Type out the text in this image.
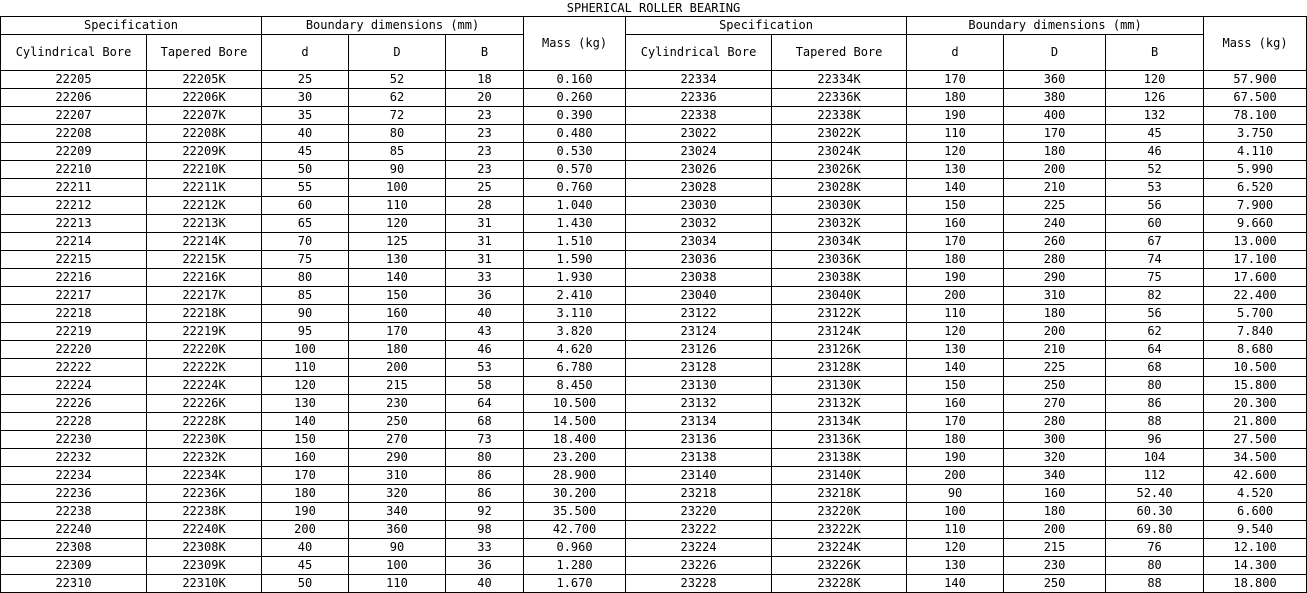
SPHERICAL ROLLER BEARING
Specification		Boundary dimensions (mm)			Mass (kg)	Specification		Boundary dimensions (mm)			Mass (kg)
Cylindrical Bore	Tapered Bore	d	D	B		Cylindrical Bore	Tapered Bore	d	D	B	
22205	22205K	25	52	18	0.160	22334	22334K	170	360	120	57.900
22206	22206K	30	62	20	0.260	22336	22336K	180	380	126	67.500
22207	22207K	35	72	23	0.390	22338	22338K	190	400	132	78.100
22208	22208K	40	80	23	0.480	23022	23022K	110	170	45	3.750
22209	22209K	45	85	23	0.530	23024	23024K	120	180	46	4.110
22210	22210K	50	90	23	0.570	23026	23026K	130	200	52	5.990
22211	22211K	55	100	25	0.760	23028	23028K	140	210	53	6.520
22212	22212K	60	110	28	1.040	23030	23030K	150	225	56	7.900
22213	22213K	65	120	31	1.430	23032	23032K	160	240	60	9.660
22214	22214K	70	125	31	1.510	23034	23034K	170	260	67	13.000
22215	22215K	75	130	31	1.590	23036	23036K	180	280	74	17.100
22216	22216K	80	140	33	1.930	23038	23038K	190	290	75	17.600
22217	22217K	85	150	36	2.410	23040	23040K	200	310	82	22.400
22218	22218K	90	160	40	3.110	23122	23122K	110	180	56	5.700
22219	22219K	95	170	43	3.820	23124	23124K	120	200	62	7.840
22220	22220K	100	180	46	4.620	23126	23126K	130	210	64	8.680
22222	22222K	110	200	53	6.780	23128	23128K	140	225	68	10.500
22224	22224K	120	215	58	8.450	23130	23130K	150	250	80	15.800
22226	22226K	130	230	64	10.500	23132	23132K	160	270	86	20.300
22228	22228K	140	250	68	14.500	23134	23134K	170	280	88	21.800
22230	22230K	150	270	73	18.400	23136	23136K	180	300	96	27.500
22232	22232K	160	290	80	23.200	23138	23138K	190	320	104	34.500
22234	22234K	170	310	86	28.900	23140	23140K	200	340	112	42.600
22236	22236K	180	320	86	30.200	23218	23218K	90	160	52.40	4.520
22238	22238K	190	340	92	35.500	23220	23220K	100	180	60.30	6.600
22240	22240K	200	360	98	42.700	23222	23222K	110	200	69.80	9.540
22308	22308K	40	90	33	0.960	23224	23224K	120	215	76	12.100
22309	22309K	45	100	36	1.280	23226	23226K	130	230	80	14.300
22310	22310K	50	110	40	1.670	23228	23228K	140	250	88	18.800
